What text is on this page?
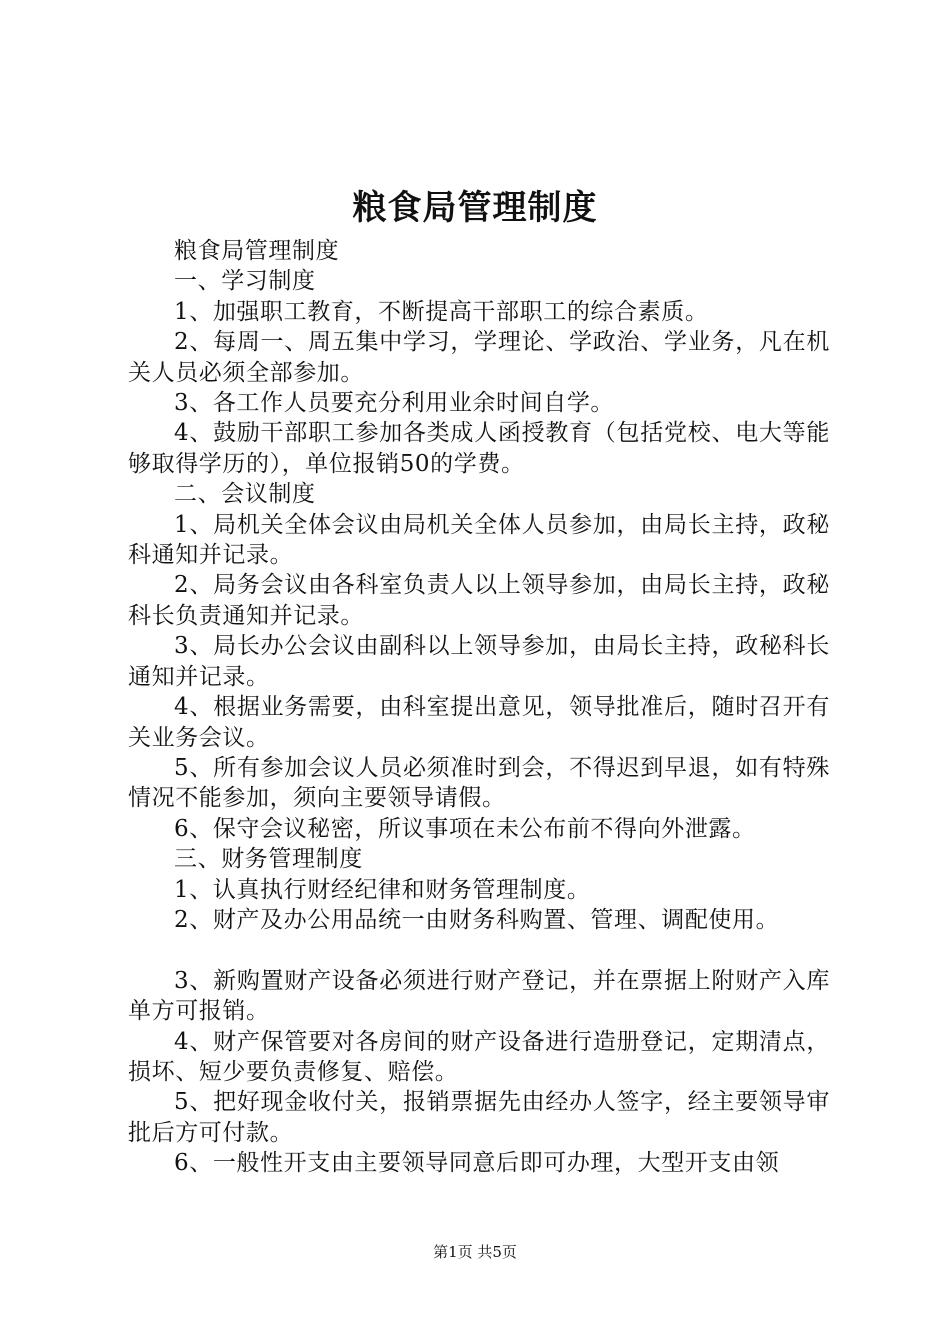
粮食局管理制度

粮食局管理制度

一、学习制度

1、加强职工教育，不断提高干部职工的综合素质。

2、每周一、周五集中学习，学理论、学政治、学业务，凡在机关人员必须全部参加。

3、各工作人员要充分利用业余时间自学。

4、鼓励干部职工参加各类成人函授教育（包括党校、电大等能够取得学历的），单位报销50的学费。

二、会议制度

1、局机关全体会议由局机关全体人员参加，由局长主持，政秘科通知并记录。

2、局务会议由各科室负责人以上领导参加，由局长主持，政秘科长负责通知并记录。

3、局长办公会议由副科以上领导参加，由局长主持，政秘科长通知并记录。

4、根据业务需要，由科室提出意见，领导批准后，随时召开有关业务会议。

5、所有参加会议人员必须准时到会，不得迟到早退，如有特殊情况不能参加，须向主要领导请假。

6、保守会议秘密，所议事项在未公布前不得向外泄露。

三、财务管理制度

1、认真执行财经纪律和财务管理制度。

2、财产及办公用品统一由财务科购置、管理、调配使用。

3、新购置财产设备必须进行财产登记，并在票据上附财产入库单方可报销。

4、财产保管要对各房间的财产设备进行造册登记，定期清点，损坏、短少要负责修复、赔偿。

5、把好现金收付关，报销票据先由经办人签字，经主要领导审批后方可付款。

6、一般性开支由主要领导同意后即可办理，大型开支由领

第1页 共5页
